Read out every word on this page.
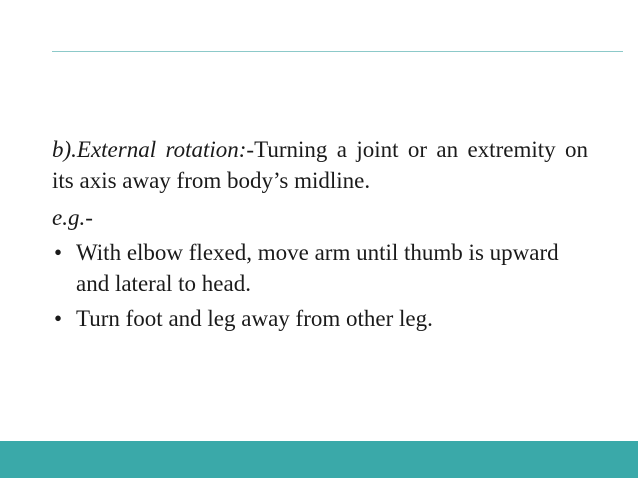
b).External rotation:-Turning a joint or an extremity on its axis away from body’s midline.

e.g.-

• With elbow flexed, move arm until thumb is upward and lateral to head.
• Turn foot and leg away from other leg.
